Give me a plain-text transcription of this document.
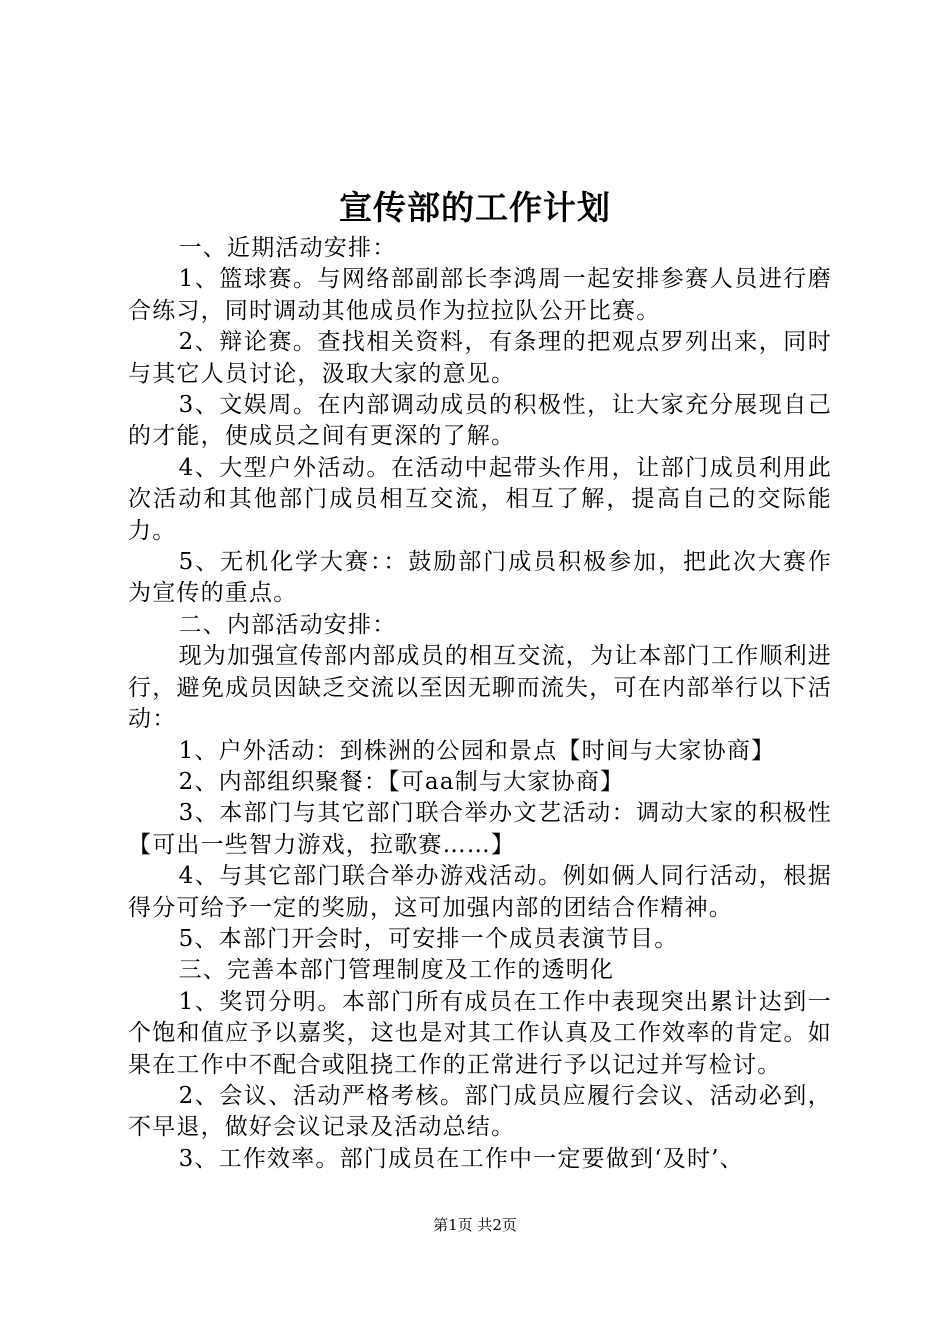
宣传部的工作计划

一、近期活动安排：

1、篮球赛。与网络部副部长李鸿周一起安排参赛人员进行磨合练习，同时调动其他成员作为拉拉队公开比赛。

2、辩论赛。查找相关资料，有条理的把观点罗列出来，同时与其它人员讨论，汲取大家的意见。

3、文娱周。在内部调动成员的积极性，让大家充分展现自己的才能，使成员之间有更深的了解。

4、大型户外活动。在活动中起带头作用，让部门成员利用此次活动和其他部门成员相互交流，相互了解，提高自己的交际能力。

5、无机化学大赛：：鼓励部门成员积极参加，把此次大赛作为宣传的重点。

二、内部活动安排：

现为加强宣传部内部成员的相互交流，为让本部门工作顺利进行，避免成员因缺乏交流以至因无聊而流失，可在内部举行以下活动：

1、户外活动：到株洲的公园和景点【时间与大家协商】

2、内部组织聚餐：【可aa制与大家协商】

3、本部门与其它部门联合举办文艺活动：调动大家的积极性【可出一些智力游戏，拉歌赛……】

4、与其它部门联合举办游戏活动。例如俩人同行活动，根据得分可给予一定的奖励，这可加强内部的团结合作精神。

5、本部门开会时，可安排一个成员表演节目。

三、完善本部门管理制度及工作的透明化

1、奖罚分明。本部门所有成员在工作中表现突出累计达到一个饱和值应予以嘉奖，这也是对其工作认真及工作效率的肯定。如果在工作中不配合或阻挠工作的正常进行予以记过并写检讨。

2、会议、活动严格考核。部门成员应履行会议、活动必到，不早退，做好会议记录及活动总结。

3、工作效率。部门成员在工作中一定要做到‘及时’、

第1页 共2页
